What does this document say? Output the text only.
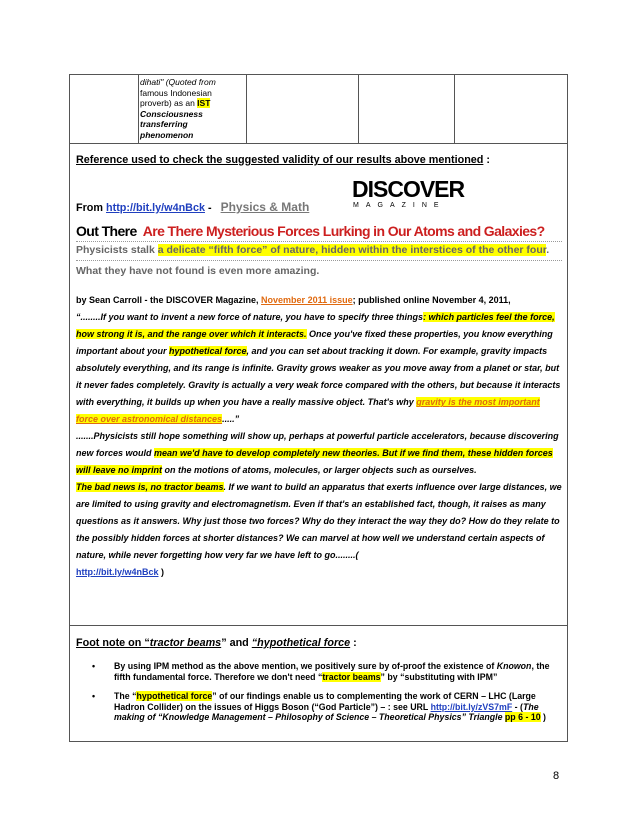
dihati" (Quoted from
famous Indonesian
proverb) as an IST
Consciousness
transferring
phenomenon
Reference used to check the suggested validity of our results above mentioned :
From http://bit.ly/w4nBck - Physics & Math
DISCOVER
MAGAZINE
Out There Are There Mysterious Forces Lurking in Our Atoms and Galaxies?
Physicists stalk a delicate “fifth force” of nature, hidden within the interstices of the other four.
What they have not found is even more amazing.
by Sean Carroll - the DISCOVER Magazine, November 2011 issue; published online November 4, 2011,
“........If you want to invent a new force of nature, you have to specify three things: which particles feel the force, how strong it is, and the range over which it interacts. Once you've fixed these properties, you know everything important about your hypothetical force, and you can set about tracking it down. For example, gravity impacts absolutely everything, and its range is infinite. Gravity grows weaker as you move away from a planet or star, but it never fades completely. Gravity is actually a very weak force compared with the others, but because it interacts with everything, it builds up when you have a really massive object. That's why gravity is the most important force over astronomical distances.....”
.......Physicists still hope something will show up, perhaps at powerful particle accelerators, because discovering new forces would mean we'd have to develop completely new theories. But if we find them, these hidden forces will leave no imprint on the motions of atoms, molecules, or larger objects such as ourselves.
The bad news is, no tractor beams. If we want to build an apparatus that exerts influence over large distances, we are limited to using gravity and electromagnetism. Even if that's an established fact, though, it raises as many questions as it answers. Why just those two forces? Why do they interact the way they do? How do they relate to the possibly hidden forces at shorter distances? We can marvel at how well we understand certain aspects of nature, while never forgetting how very far we have left to go........(
http://bit.ly/w4nBck )
Foot note on “tractor beams” and “hypothetical force :
• By using IPM method as the above mention, we positively sure by of-proof the existence of Knowon, the fifth fundamental force. Therefore we don't need “tractor beams” by “substituting with IPM”
• The “hypothetical force” of our findings enable us to complementing the work of CERN – LHC (Large Hadron Collider) on the issues of Higgs Boson (“God Particle”) – : see URL http://bit.ly/zVS7mF - (The making of “Knowledge Management – Philosophy of Science – Theoretical Physics” Triangle pp 6 - 10 )
8
